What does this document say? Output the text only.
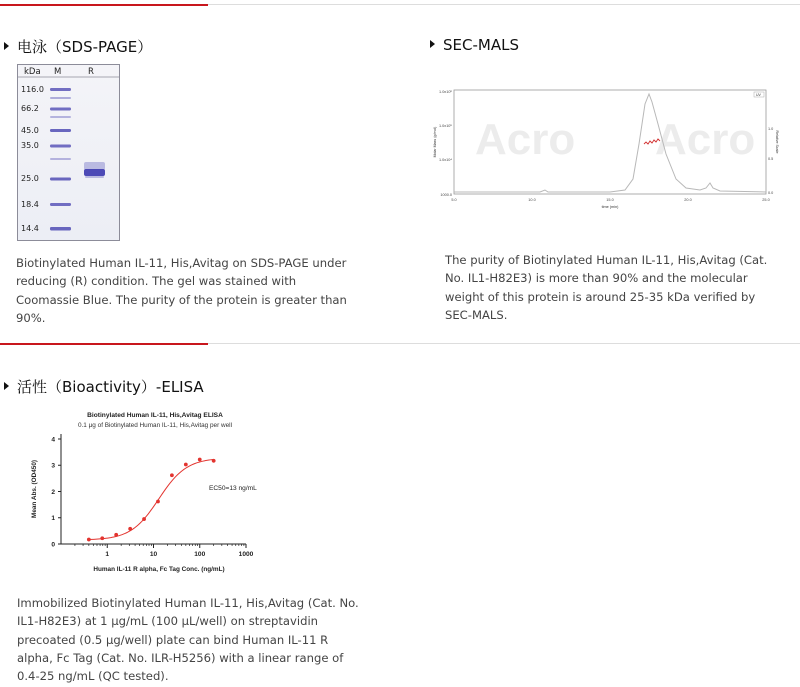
电泳（SDS-PAGE）
kDa M	R
116.0
66.2
45.0
35.0
25.0
18.4
14.4
Biotinylated Human IL-11, His,Avitag on SDS-PAGE under reducing (R) condition. The gel was stained with Coomassie Blue. The purity of the protein is greater than 90%.
SEC-MALS
Acro Acro
Molar Mass (g/mol)	Relative Scale
1.0x10⁶
1.0x10⁵
1.0x10⁴
1000.0
1.0
0.5
0.0
5.0	10.0	15.0	20.0	25.0
time (min)
UV
The purity of Biotinylated Human IL-11, His,Avitag (Cat. No. IL1-H82E3) is more than 90% and the molecular weight of this protein is around 25-35 kDa verified by SEC-MALS.
活性（Bioactivity）-ELISA
Biotinylated Human IL-11, His,Avitag ELISA
0.1 μg of Biotinylated Human IL-11, His,Avitag per well
Mean Abs. (OD450)
Human IL-11 R alpha, Fc Tag Conc. (ng/mL)
EC50=13 ng/mL
0
1
2
3
4
1	10	100	1000
Immobilized Biotinylated Human IL-11, His,Avitag (Cat. No. IL1-H82E3) at 1 μg/mL (100 μL/well) on streptavidin precoated (0.5 μg/well) plate can bind Human IL-11 R alpha, Fc Tag (Cat. No. ILR-H5256) with a linear range of 0.4-25 ng/mL (QC tested).
